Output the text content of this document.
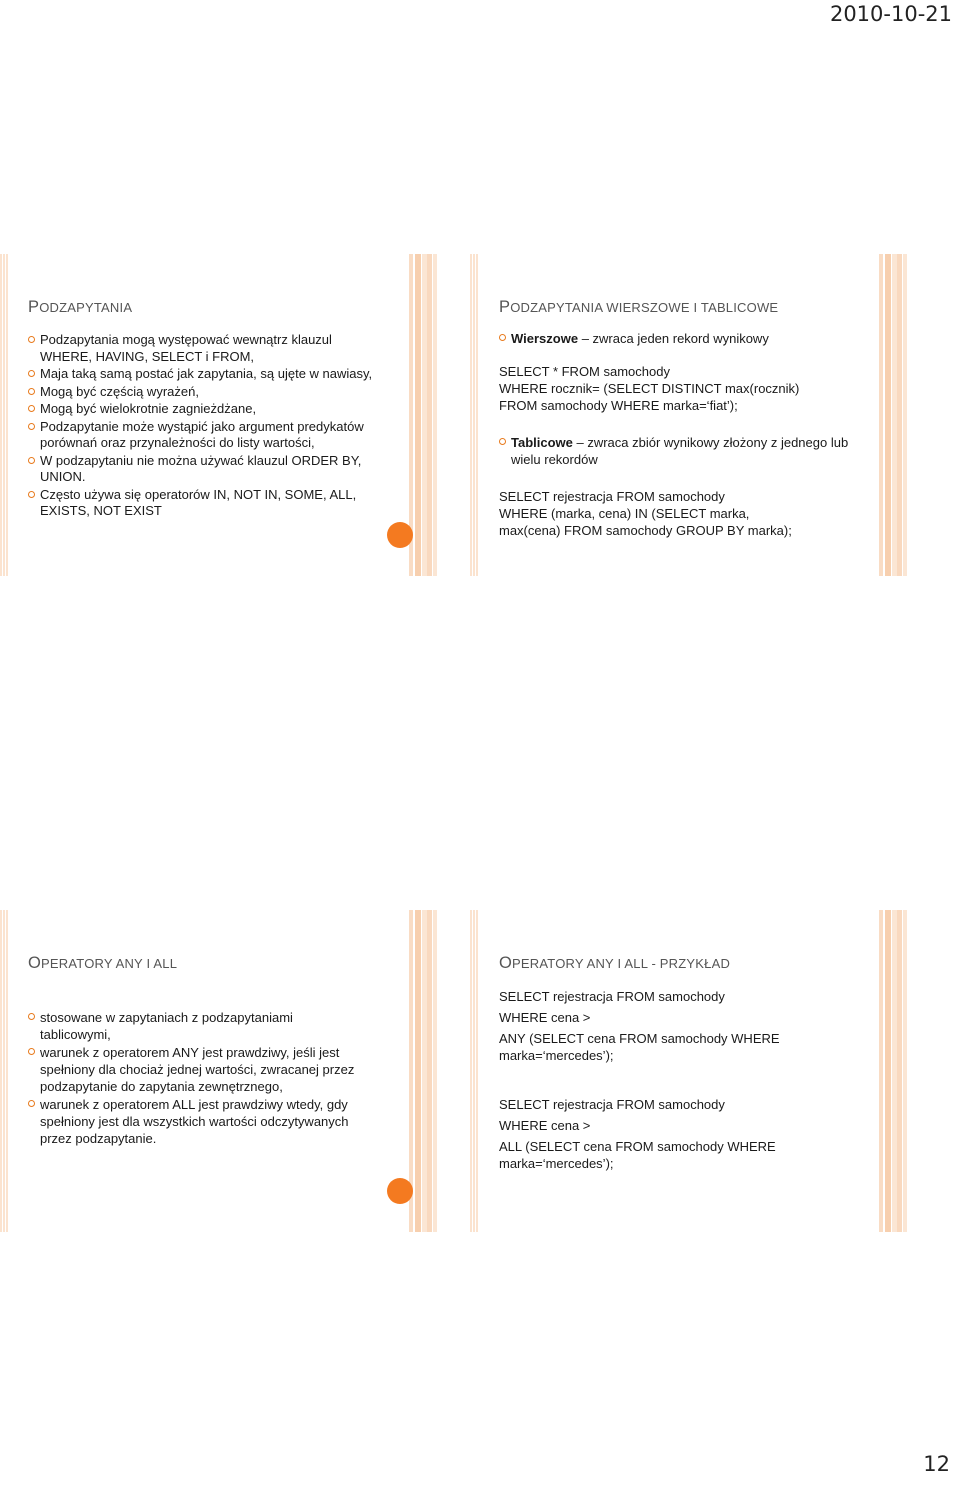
2010-10-21
PODZAPYTANIA
Podzapytania mogą występować wewnątrz klauzul WHERE, HAVING, SELECT i FROM,
Maja taką samą postać jak zapytania, są ujęte w nawiasy,
Mogą być częścią wyrażeń,
Mogą być wielokrotnie zagnieżdżane,
Podzapytanie może wystąpić jako argument predykatów porównań oraz przynależności do listy wartości,
W podzapytaniu nie można używać klauzul ORDER BY, UNION.
Często używa się operatorów IN, NOT IN, SOME, ALL, EXISTS, NOT EXIST
PODZAPYTANIA WIERSZOWE I TABLICOWE
Wierszowe – zwraca jeden rekord wynikowy
SELECT * FROM samochody
WHERE rocznik= (SELECT DISTINCT max(rocznik)
FROM samochody WHERE marka=‘fiat’);
Tablicowe – zwraca zbiór wynikowy złożony z jednego lub wielu rekordów
SELECT rejestracja FROM samochody
WHERE (marka, cena) IN (SELECT marka,
max(cena) FROM samochody GROUP BY marka);
OPERATORY ANY I ALL
stosowane w zapytaniach z podzapytaniami tablicowymi,
warunek z operatorem ANY jest prawdziwy, jeśli jest spełniony dla chociaż jednej wartości, zwracanej przez podzapytanie do zapytania zewnętrznego,
warunek z operatorem ALL jest prawdziwy wtedy, gdy spełniony jest dla wszystkich wartości odczytywanych przez podzapytanie.
OPERATORY ANY I ALL - PRZYKŁAD
SELECT rejestracja FROM samochody
WHERE cena >
ANY (SELECT cena FROM samochody WHERE marka=‘mercedes’);
SELECT rejestracja FROM samochody
WHERE cena >
ALL (SELECT cena FROM samochody WHERE marka=‘mercedes’);
12
